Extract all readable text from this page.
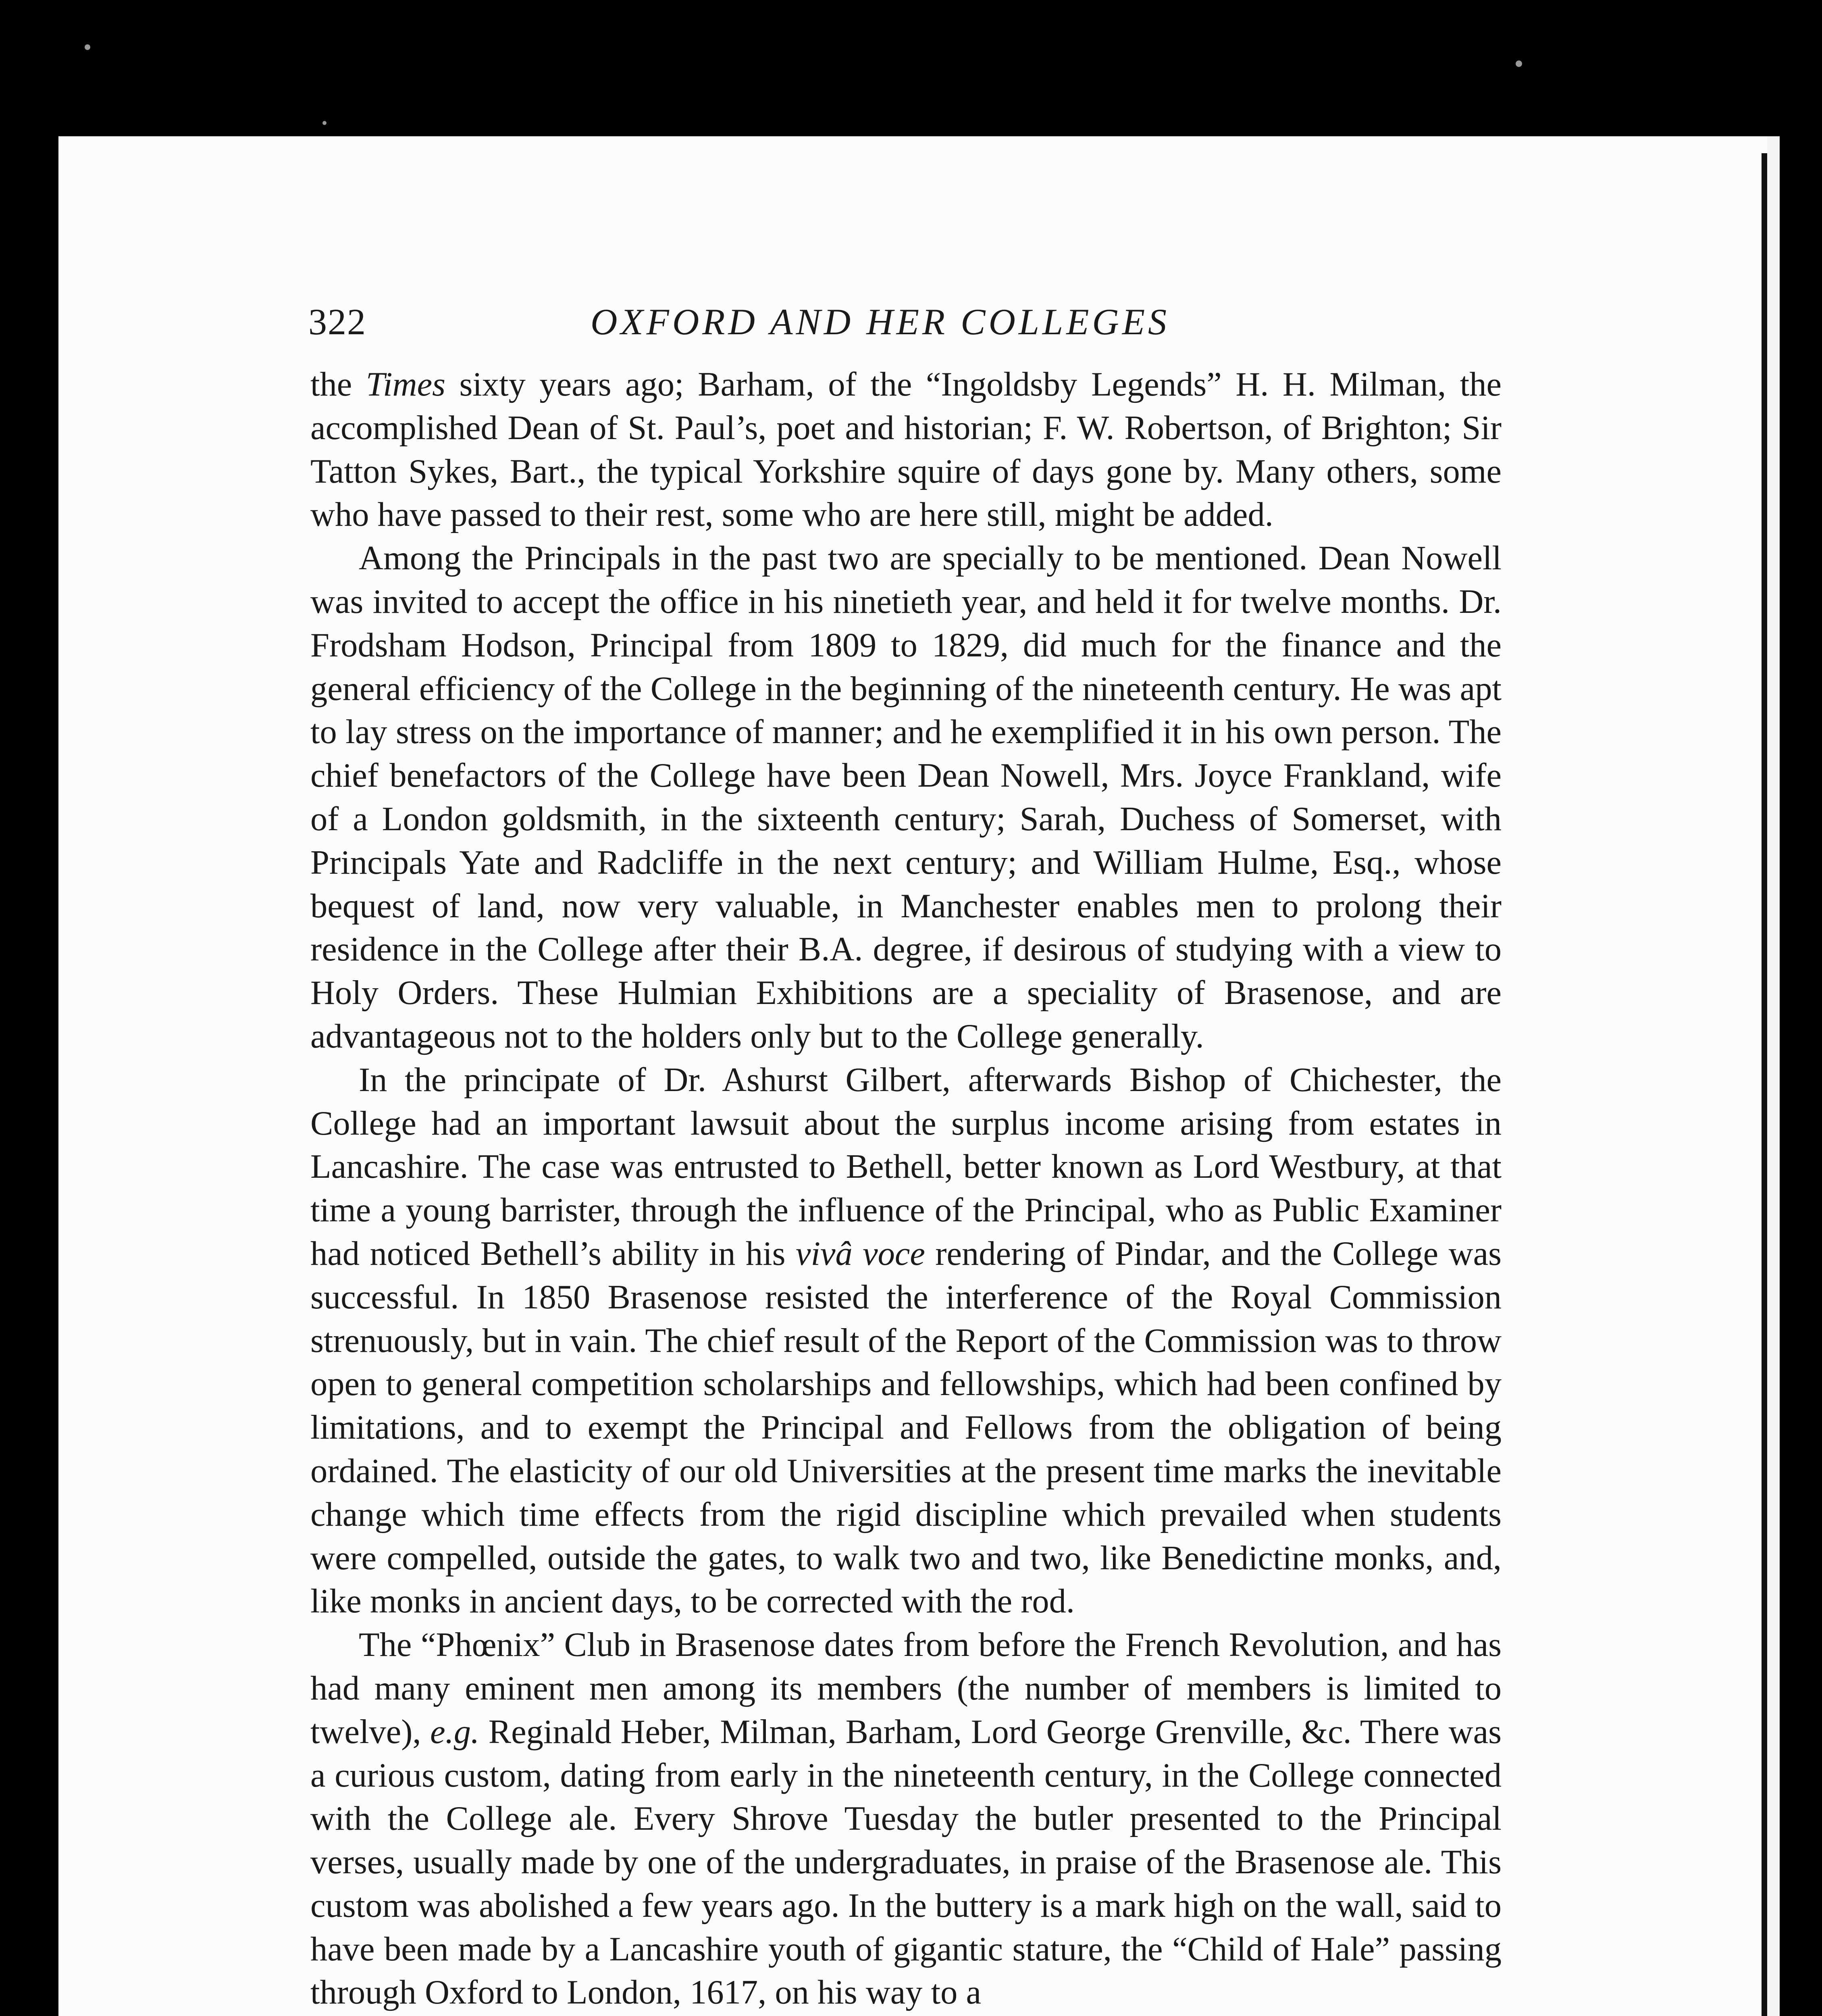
322	OXFORD AND HER COLLEGES

the Times sixty years ago; Barham, of the “Ingoldsby Legends” H. H. Milman, the accomplished Dean of St. Paul’s, poet and historian; F. W. Robertson, of Brighton; Sir Tatton Sykes, Bart., the typical Yorkshire squire of days gone by. Many others, some who have passed to their rest, some who are here still, might be added.

Among the Principals in the past two are specially to be mentioned. Dean Nowell was invited to accept the office in his ninetieth year, and held it for twelve months. Dr. Frodsham Hodson, Principal from 1809 to 1829, did much for the finance and the general efficiency of the College in the beginning of the nineteenth century. He was apt to lay stress on the importance of manner; and he exemplified it in his own person. The chief benefactors of the College have been Dean Nowell, Mrs. Joyce Frankland, wife of a London goldsmith, in the sixteenth century; Sarah, Duchess of Somerset, with Principals Yate and Radcliffe in the next century; and William Hulme, Esq., whose bequest of land, now very valuable, in Manchester enables men to prolong their residence in the College after their B.A. degree, if desirous of studying with a view to Holy Orders. These Hulmian Exhibitions are a speciality of Brasenose, and are advantageous not to the holders only but to the College generally.

In the principate of Dr. Ashurst Gilbert, afterwards Bishop of Chichester, the College had an important lawsuit about the surplus income arising from estates in Lancashire. The case was entrusted to Bethell, better known as Lord Westbury, at that time a young barrister, through the influence of the Principal, who as Public Examiner had noticed Bethell’s ability in his vivâ voce rendering of Pindar, and the College was successful. In 1850 Brasenose resisted the interference of the Royal Commission strenuously, but in vain. The chief result of the Report of the Commission was to throw open to general competition scholarships and fellowships, which had been confined by limitations, and to exempt the Principal and Fellows from the obligation of being ordained. The elasticity of our old Universities at the present time marks the inevitable change which time effects from the rigid discipline which prevailed when students were compelled, outside the gates, to walk two and two, like Benedictine monks, and, like monks in ancient days, to be corrected with the rod.

The “Phœnix” Club in Brasenose dates from before the French Revolution, and has had many eminent men among its members (the number of members is limited to twelve), e.g. Reginald Heber, Milman, Barham, Lord George Grenville, &c. There was a curious custom, dating from early in the nineteenth century, in the College connected with the College ale. Every Shrove Tuesday the butler presented to the Principal verses, usually made by one of the undergraduates, in praise of the Brasenose ale. This custom was abolished a few years ago. In the buttery is a mark high on the wall, said to have been made by a Lancashire youth of gigantic stature, the “Child of Hale” passing through Oxford to London, 1617, on his way to a
